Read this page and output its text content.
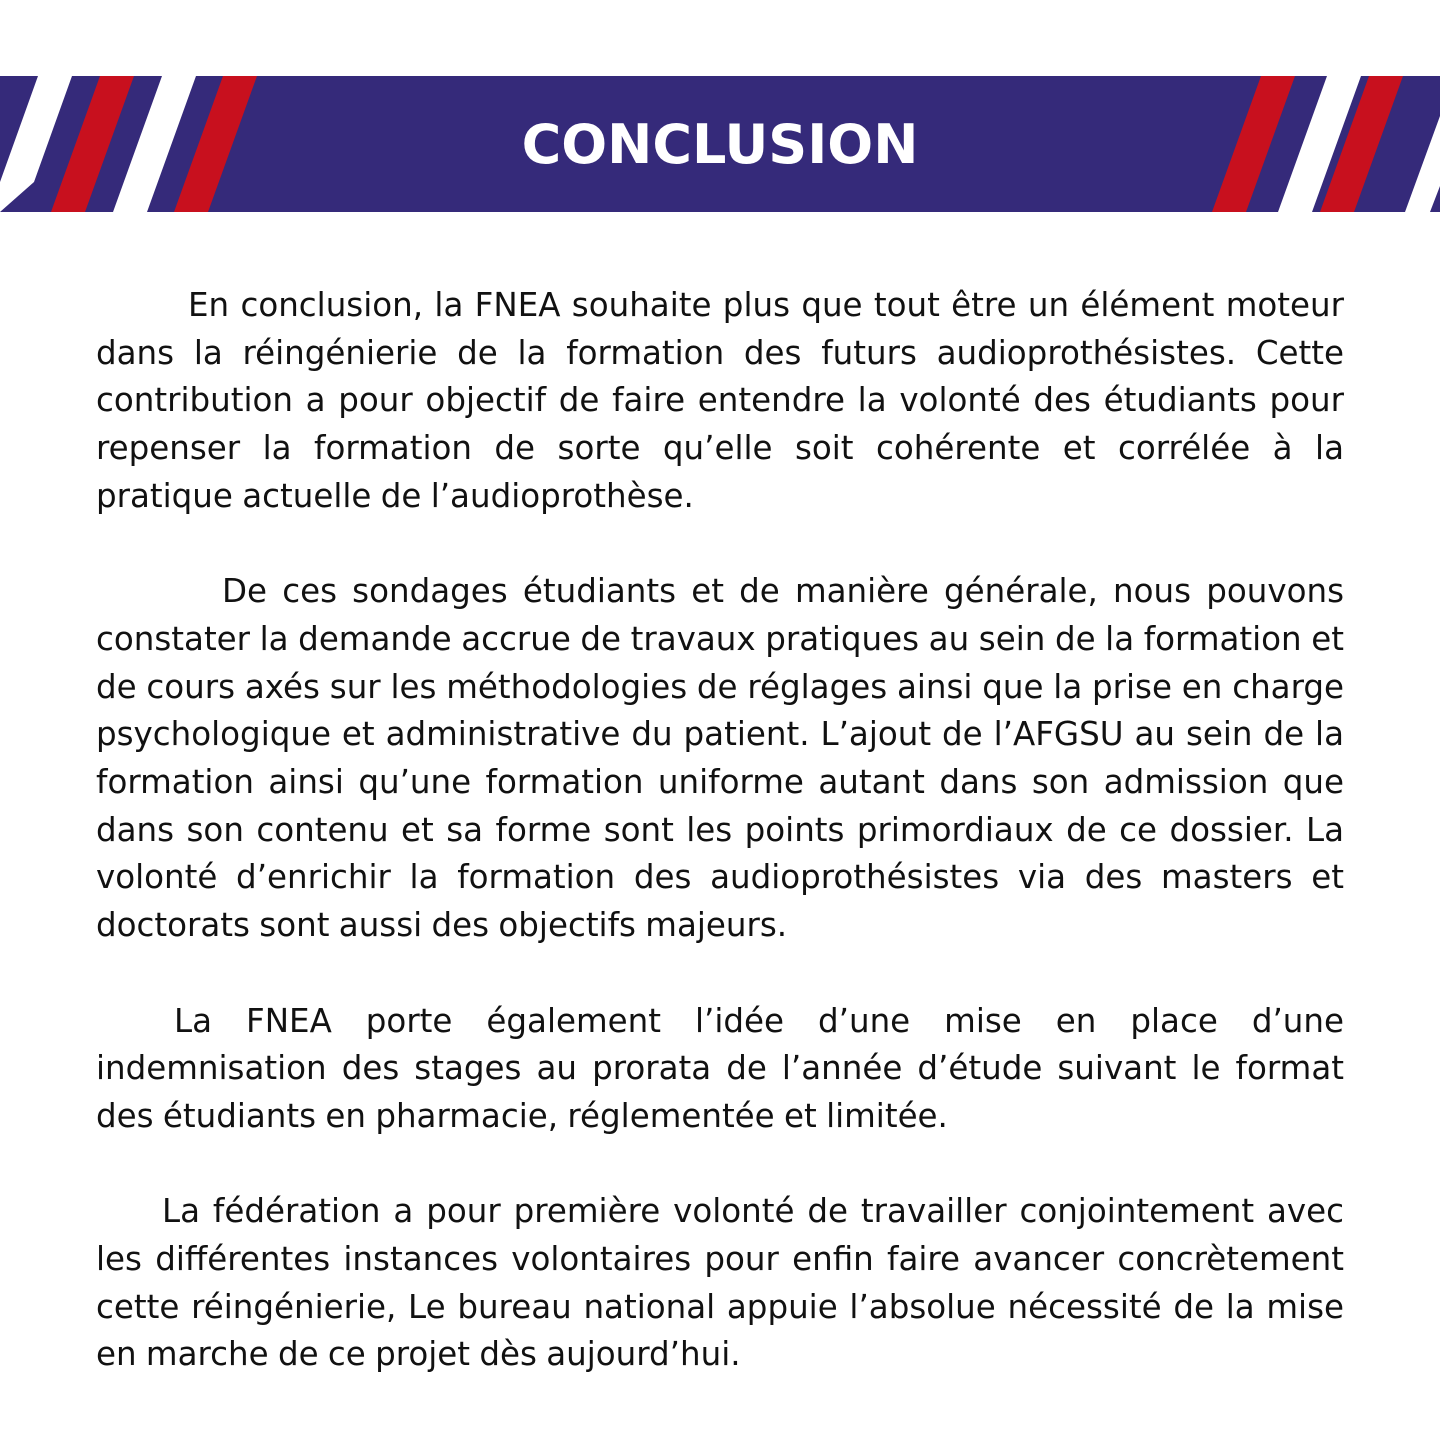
CONCLUSION

En conclusion, la FNEA souhaite plus que tout être un élément moteur dans la réingénierie de la formation des futurs audioprothésistes. Cette contribution a pour objectif de faire entendre la volonté des étudiants pour repenser la formation de sorte qu’elle soit cohérente et corrélée à la pratique actuelle de l’audioprothèse.

De ces sondages étudiants et de manière générale, nous pouvons constater la demande accrue de travaux pratiques au sein de la formation et de cours axés sur les méthodologies de réglages ainsi que la prise en charge psychologique et administrative du patient. L’ajout de l’AFGSU au sein de la formation ainsi qu’une formation uniforme autant dans son admission que dans son contenu et sa forme sont les points primordiaux de ce dossier. La volonté d’enrichir la formation des audioprothésistes via des masters et doctorats sont aussi des objectifs majeurs.

La FNEA porte également l’idée d’une mise en place d’une indemnisation des stages au prorata de l’année d’étude suivant le format des étudiants en pharmacie, réglementée et limitée.

La fédération a pour première volonté de travailler conjointement avec les différentes instances volontaires pour enfin faire avancer concrètement cette réingénierie, Le bureau national appuie l’absolue nécessité de la mise en marche de ce projet dès aujourd’hui.
